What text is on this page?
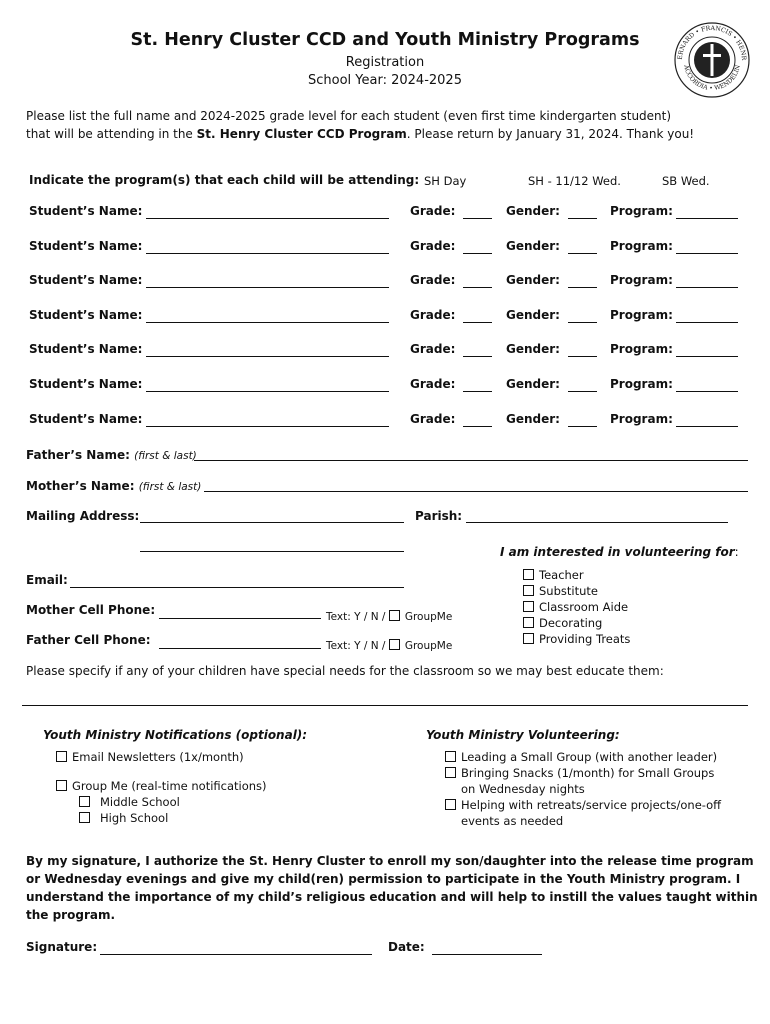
St. Henry Cluster CCD and Youth Ministry Programs
Registration
School Year: 2024-2025
ERNARD • FRANCIS • HENR
ACCORDIA • WENDELIN
Please list the full name and 2024-2025 grade level for each student (even first time kindergarten student)
that will be attending in the St. Henry Cluster CCD Program. Please return by January 31, 2024. Thank you!
Indicate the program(s) that each child will be attending: SH Day	SH - 11/12 Wed.	SB Wed.
Student’s Name:	Grade:	Gender:	Program:
Student’s Name:	Grade:	Gender:	Program:
Student’s Name:	Grade:	Gender:	Program:
Student’s Name:	Grade:	Gender:	Program:
Student’s Name:	Grade:	Gender:	Program:
Student’s Name:	Grade:	Gender:	Program:
Student’s Name:	Grade:	Gender:	Program:
Father’s Name: (first & last)
Mother’s Name: (first & last)
Mailing Address:	Parish:
Email:
Mother Cell Phone:	Text: Y / N / GroupMe
Father Cell Phone:	Text: Y / N / GroupMe
I am interested in volunteering for:
Teacher
Substitute
Classroom Aide
Decorating
Providing Treats
Please specify if any of your children have special needs for the classroom so we may best educate them:
Youth Ministry Notifications (optional):
Email Newsletters (1x/month)
Group Me (real-time notifications)
Middle School
High School
Youth Ministry Volunteering:
Leading a Small Group (with another leader)
Bringing Snacks (1/month) for Small Groups
on Wednesday nights
Helping with retreats/service projects/one-off
events as needed
By my signature, I authorize the St. Henry Cluster to enroll my son/daughter into the release time program
or Wednesday evenings and give my child(ren) permission to participate in the Youth Ministry program. I
understand the importance of my child’s religious education and will help to instill the values taught within
the program.
Signature:	Date:
